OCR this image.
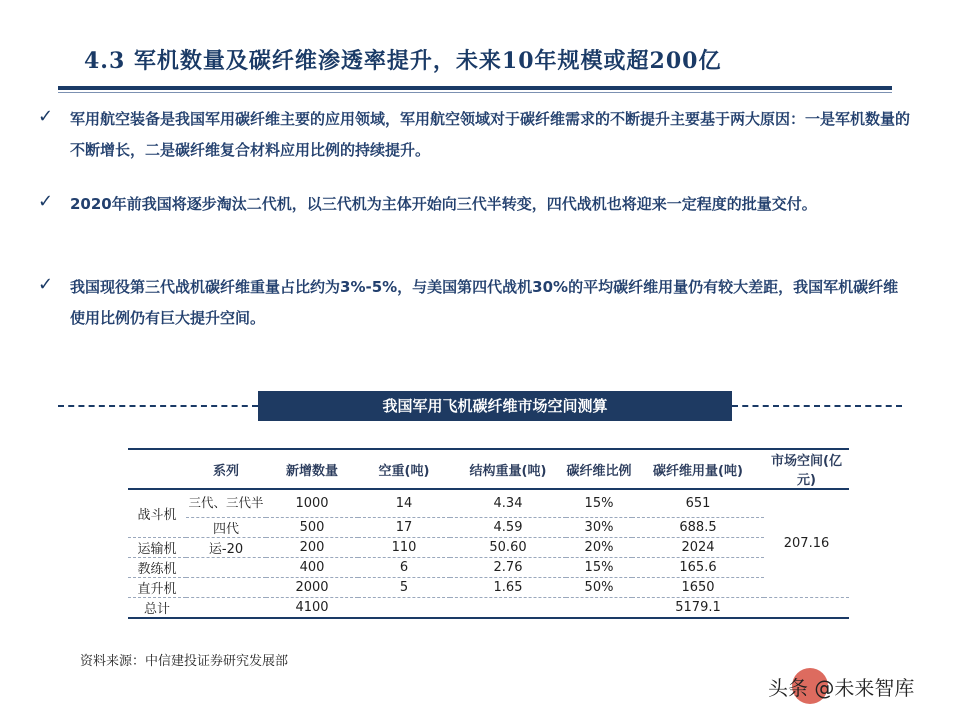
4.3 军机数量及碳纤维渗透率提升，未来10年规模或超200亿
✓ 军用航空装备是我国军用碳纤维主要的应用领域，军用航空领域对于碳纤维需求的不断提升主要基于两大原因：一是军机数量的不断增长，二是碳纤维复合材料应用比例的持续提升。
✓ 2020年前我国将逐步淘汰二代机，以三代机为主体开始向三代半转变，四代战机也将迎来一定程度的批量交付。
✓ 我国现役第三代战机碳纤维重量占比约为3%-5%，与美国第四代战机30%的平均碳纤维用量仍有较大差距，我国军机碳纤维使用比例仍有巨大提升空间。
我国军用飞机碳纤维市场空间测算
	系列	新增数量	空重(吨)	结构重量(吨)	碳纤维比例	碳纤维用量(吨)	市场空间(亿元)
战斗机	三代、三代半	1000	14	4.34	15%	651	207.16
	四代	500	17	4.59	30%	688.5	
运输机	运-20	200	110	50.60	20%	2024	
教练机		400	6	2.76	15%	165.6	
直升机		2000	5	1.65	50%	1650	
总计		4100				5179.1	
资料来源：中信建投证券研究发展部
头条 @未来智库
